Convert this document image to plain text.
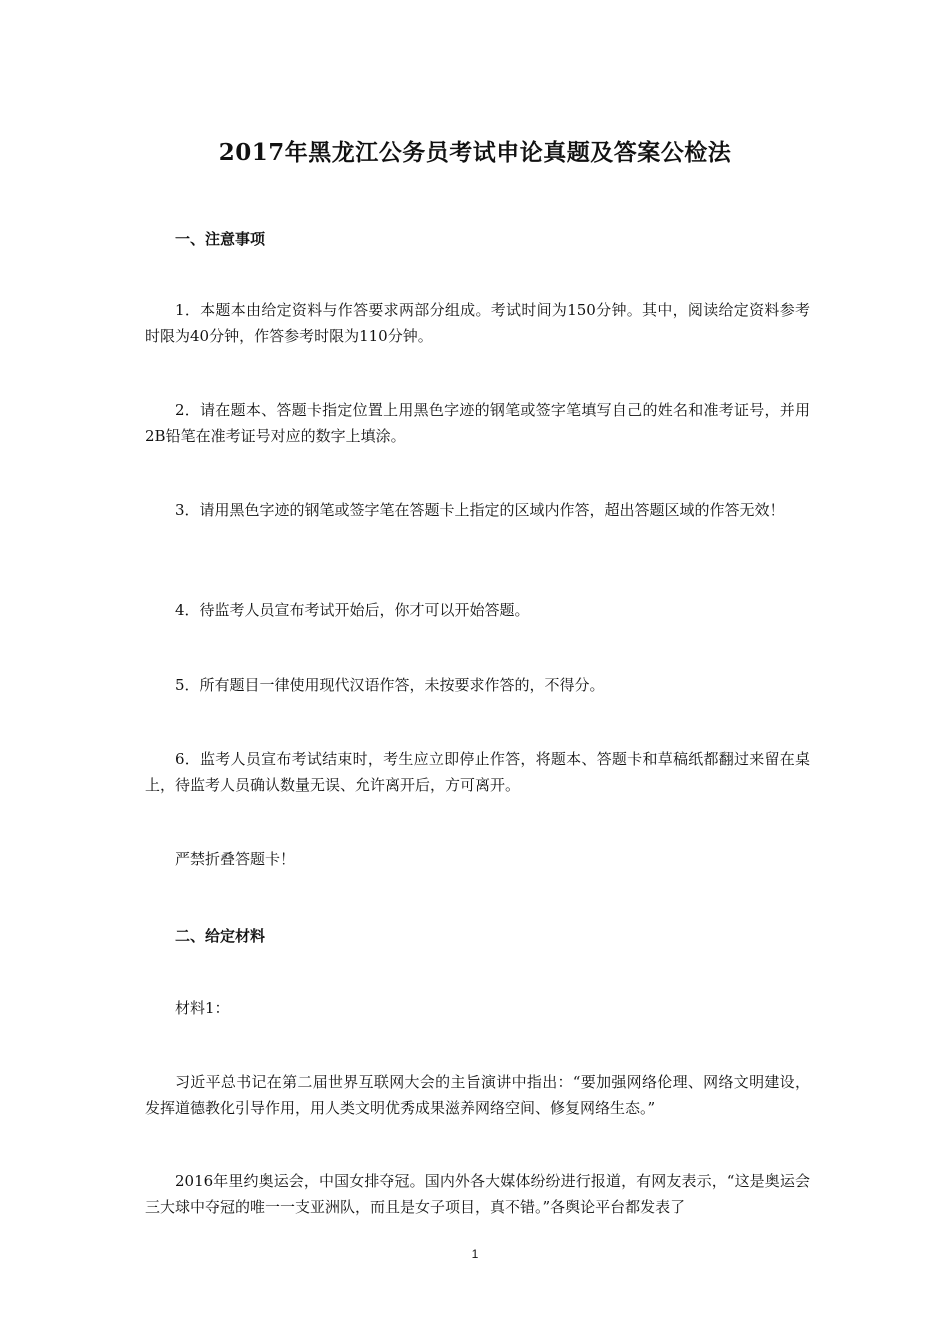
2017年黑龙江公务员考试申论真题及答案公检法
一、注意事项
1．本题本由给定资料与作答要求两部分组成。考试时间为150分钟。其中，阅读给定资料参考时限为40分钟，作答参考时限为110分钟。
2．请在题本、答题卡指定位置上用黑色字迹的钢笔或签字笔填写自己的姓名和准考证号，并用2B铅笔在准考证号对应的数字上填涂。
3．请用黑色字迹的钢笔或签字笔在答题卡上指定的区域内作答，超出答题区域的作答无效！
4．待监考人员宣布考试开始后，你才可以开始答题。
5．所有题目一律使用现代汉语作答，未按要求作答的，不得分。
6．监考人员宣布考试结束时，考生应立即停止作答，将题本、答题卡和草稿纸都翻过来留在桌上，待监考人员确认数量无误、允许离开后，方可离开。
严禁折叠答题卡！
二、给定材料
材料1：
习近平总书记在第二届世界互联网大会的主旨演讲中指出：“要加强网络伦理、网络文明建设，发挥道德教化引导作用，用人类文明优秀成果滋养网络空间、修复网络生态。”
2016年里约奥运会，中国女排夺冠。国内外各大媒体纷纷进行报道，有网友表示，“这是奥运会三大球中夺冠的唯一一支亚洲队，而且是女子项目，真不错。”各舆论平台都发表了
1
